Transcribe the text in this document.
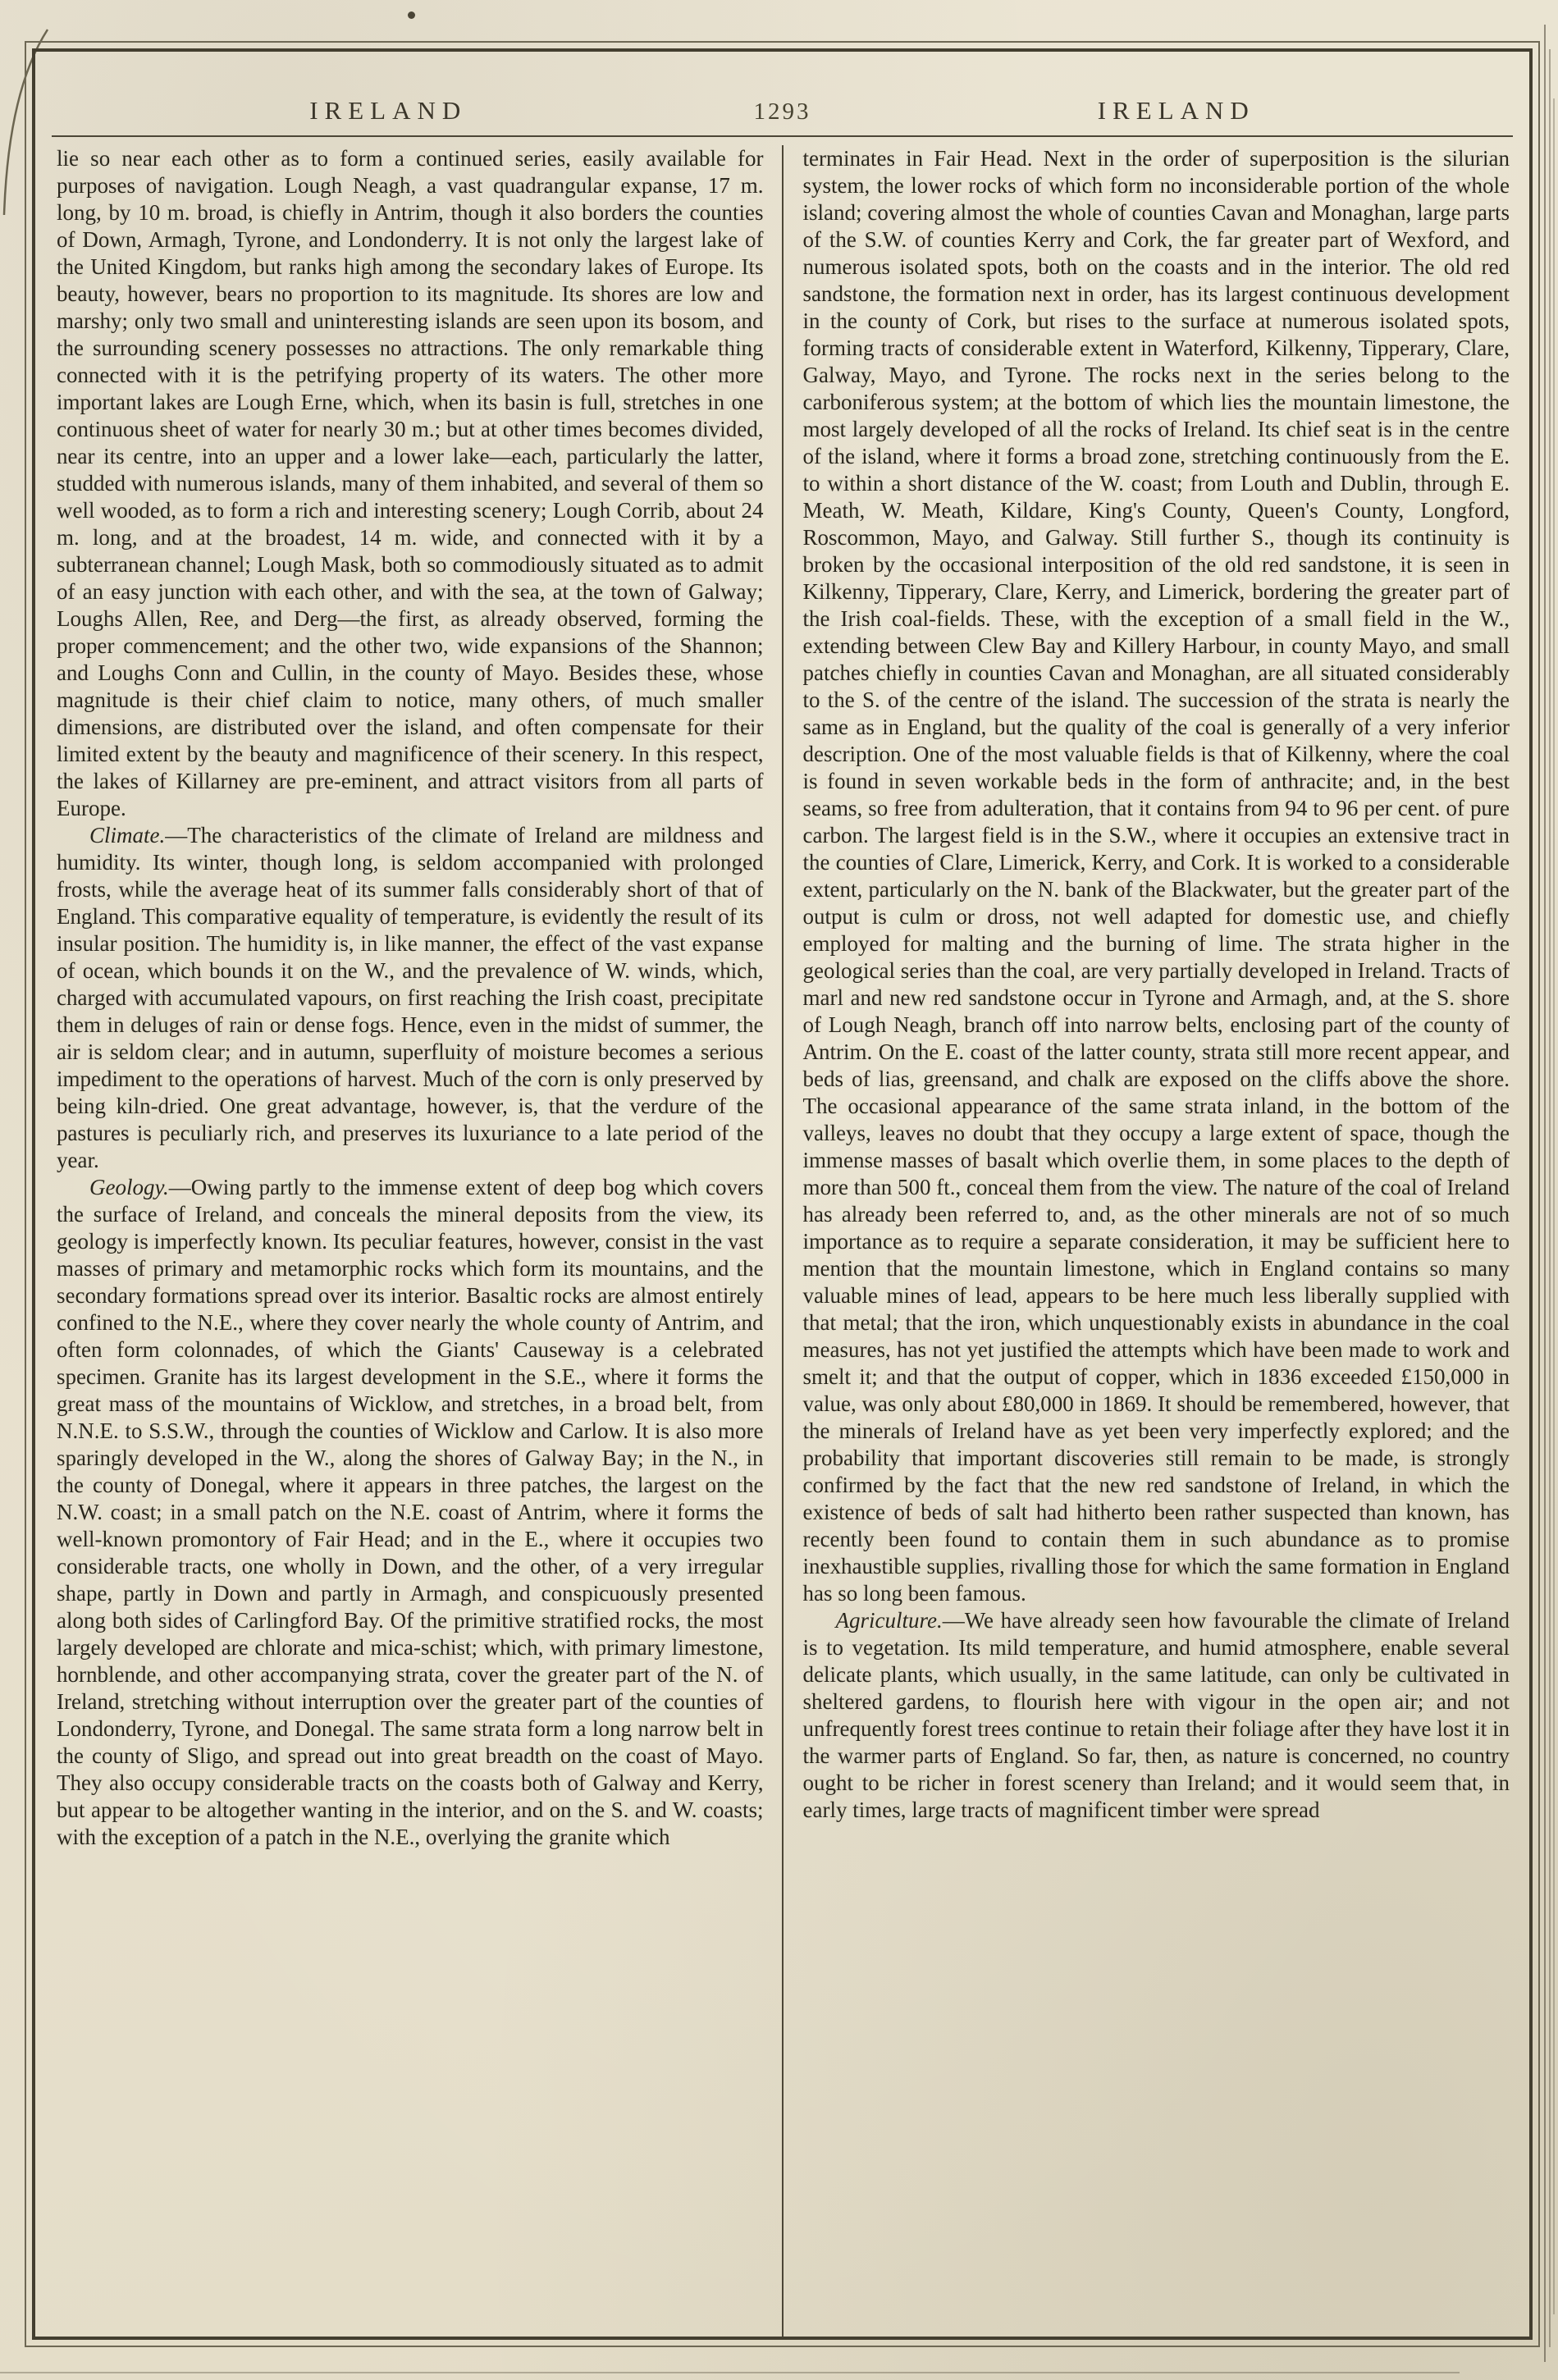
IRELAND	1293	IRELAND

lie so near each other as to form a continued series, easily available for purposes of navigation. Lough Neagh, a vast quadrangular expanse, 17 m. long, by 10 m. broad, is chiefly in Antrim, though it also borders the counties of Down, Armagh, Tyrone, and Londonderry. It is not only the largest lake of the United Kingdom, but ranks high among the secondary lakes of Europe. Its beauty, however, bears no proportion to its magnitude. Its shores are low and marshy; only two small and uninteresting islands are seen upon its bosom, and the surrounding scenery possesses no attractions. The only remarkable thing connected with it is the petrifying property of its waters. The other more important lakes are Lough Erne, which, when its basin is full, stretches in one continuous sheet of water for nearly 30 m.; but at other times becomes divided, near its centre, into an upper and a lower lake—each, particularly the latter, studded with numerous islands, many of them inhabited, and several of them so well wooded, as to form a rich and interesting scenery; Lough Corrib, about 24 m. long, and at the broadest, 14 m. wide, and connected with it by a subterranean channel; Lough Mask, both so commodiously situated as to admit of an easy junction with each other, and with the sea, at the town of Galway; Loughs Allen, Ree, and Derg—the first, as already observed, forming the proper commencement; and the other two, wide expansions of the Shannon; and Loughs Conn and Cullin, in the county of Mayo. Besides these, whose magnitude is their chief claim to notice, many others, of much smaller dimensions, are distributed over the island, and often compensate for their limited extent by the beauty and magnificence of their scenery. In this respect, the lakes of Killarney are pre-eminent, and attract visitors from all parts of Europe.

Climate.—The characteristics of the climate of Ireland are mildness and humidity. Its winter, though long, is seldom accompanied with prolonged frosts, while the average heat of its summer falls considerably short of that of England. This comparative equality of temperature, is evidently the result of its insular position. The humidity is, in like manner, the effect of the vast expanse of ocean, which bounds it on the W., and the prevalence of W. winds, which, charged with accumulated vapours, on first reaching the Irish coast, precipitate them in deluges of rain or dense fogs. Hence, even in the midst of summer, the air is seldom clear; and in autumn, superfluity of moisture becomes a serious impediment to the operations of harvest. Much of the corn is only preserved by being kiln-dried. One great advantage, however, is, that the verdure of the pastures is peculiarly rich, and preserves its luxuriance to a late period of the year.

Geology.—Owing partly to the immense extent of deep bog which covers the surface of Ireland, and conceals the mineral deposits from the view, its geology is imperfectly known. Its peculiar features, however, consist in the vast masses of primary and metamorphic rocks which form its mountains, and the secondary formations spread over its interior. Basaltic rocks are almost entirely confined to the N.E., where they cover nearly the whole county of Antrim, and often form colonnades, of which the Giants' Causeway is a celebrated specimen. Granite has its largest development in the S.E., where it forms the great mass of the mountains of Wicklow, and stretches, in a broad belt, from N.N.E. to S.S.W., through the counties of Wicklow and Carlow. It is also more sparingly developed in the W., along the shores of Galway Bay; in the N., in the county of Donegal, where it appears in three patches, the largest on the N.W. coast; in a small patch on the N.E. coast of Antrim, where it forms the well-known promontory of Fair Head; and in the E., where it occupies two considerable tracts, one wholly in Down, and the other, of a very irregular shape, partly in Down and partly in Armagh, and conspicuously presented along both sides of Carlingford Bay. Of the primitive stratified rocks, the most largely developed are chlorate and mica-schist; which, with primary limestone, hornblende, and other accompanying strata, cover the greater part of the N. of Ireland, stretching without interruption over the greater part of the counties of Londonderry, Tyrone, and Donegal. The same strata form a long narrow belt in the county of Sligo, and spread out into great breadth on the coast of Mayo. They also occupy considerable tracts on the coasts both of Galway and Kerry, but appear to be altogether wanting in the interior, and on the S. and W. coasts; with the exception of a patch in the N.E., overlying the granite which

terminates in Fair Head. Next in the order of superposition is the silurian system, the lower rocks of which form no inconsiderable portion of the whole island; covering almost the whole of counties Cavan and Monaghan, large parts of the S.W. of counties Kerry and Cork, the far greater part of Wexford, and numerous isolated spots, both on the coasts and in the interior. The old red sandstone, the formation next in order, has its largest continuous development in the county of Cork, but rises to the surface at numerous isolated spots, forming tracts of considerable extent in Waterford, Kilkenny, Tipperary, Clare, Galway, Mayo, and Tyrone. The rocks next in the series belong to the carboniferous system; at the bottom of which lies the mountain limestone, the most largely developed of all the rocks of Ireland. Its chief seat is in the centre of the island, where it forms a broad zone, stretching continuously from the E. to within a short distance of the W. coast; from Louth and Dublin, through E. Meath, W. Meath, Kildare, King's County, Queen's County, Longford, Roscommon, Mayo, and Galway. Still further S., though its continuity is broken by the occasional interposition of the old red sandstone, it is seen in Kilkenny, Tipperary, Clare, Kerry, and Limerick, bordering the greater part of the Irish coal-fields. These, with the exception of a small field in the W., extending between Clew Bay and Killery Harbour, in county Mayo, and small patches chiefly in counties Cavan and Monaghan, are all situated considerably to the S. of the centre of the island. The succession of the strata is nearly the same as in England, but the quality of the coal is generally of a very inferior description. One of the most valuable fields is that of Kilkenny, where the coal is found in seven workable beds in the form of anthracite; and, in the best seams, so free from adulteration, that it contains from 94 to 96 per cent. of pure carbon. The largest field is in the S.W., where it occupies an extensive tract in the counties of Clare, Limerick, Kerry, and Cork. It is worked to a considerable extent, particularly on the N. bank of the Blackwater, but the greater part of the output is culm or dross, not well adapted for domestic use, and chiefly employed for malting and the burning of lime. The strata higher in the geological series than the coal, are very partially developed in Ireland. Tracts of marl and new red sandstone occur in Tyrone and Armagh, and, at the S. shore of Lough Neagh, branch off into narrow belts, enclosing part of the county of Antrim. On the E. coast of the latter county, strata still more recent appear, and beds of lias, greensand, and chalk are exposed on the cliffs above the shore. The occasional appearance of the same strata inland, in the bottom of the valleys, leaves no doubt that they occupy a large extent of space, though the immense masses of basalt which overlie them, in some places to the depth of more than 500 ft., conceal them from the view. The nature of the coal of Ireland has already been referred to, and, as the other minerals are not of so much importance as to require a separate consideration, it may be sufficient here to mention that the mountain limestone, which in England contains so many valuable mines of lead, appears to be here much less liberally supplied with that metal; that the iron, which unquestionably exists in abundance in the coal measures, has not yet justified the attempts which have been made to work and smelt it; and that the output of copper, which in 1836 exceeded £150,000 in value, was only about £80,000 in 1869. It should be remembered, however, that the minerals of Ireland have as yet been very imperfectly explored; and the probability that important discoveries still remain to be made, is strongly confirmed by the fact that the new red sandstone of Ireland, in which the existence of beds of salt had hitherto been rather suspected than known, has recently been found to contain them in such abundance as to promise inexhaustible supplies, rivalling those for which the same formation in England has so long been famous.

Agriculture.—We have already seen how favourable the climate of Ireland is to vegetation. Its mild temperature, and humid atmosphere, enable several delicate plants, which usually, in the same latitude, can only be cultivated in sheltered gardens, to flourish here with vigour in the open air; and not unfrequently forest trees continue to retain their foliage after they have lost it in the warmer parts of England. So far, then, as nature is concerned, no country ought to be richer in forest scenery than Ireland; and it would seem that, in early times, large tracts of magnificent timber were spread
